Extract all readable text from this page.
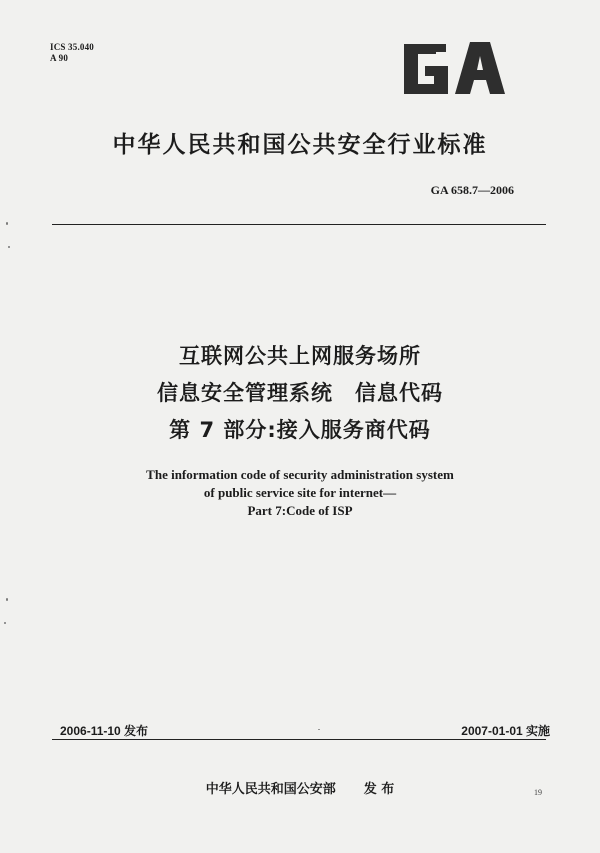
ICS 35.040
A 90
中华人民共和国公共安全行业标准
GA 658.7—2006
互联网公共上网服务场所
信息安全管理系统　信息代码
第 7 部分:接入服务商代码
The information code of security administration system
of public service site for internet—
Part 7:Code of ISP
2006-11-10 发布	2007-01-01 实施
中华人民共和国公安部 发 布	19
